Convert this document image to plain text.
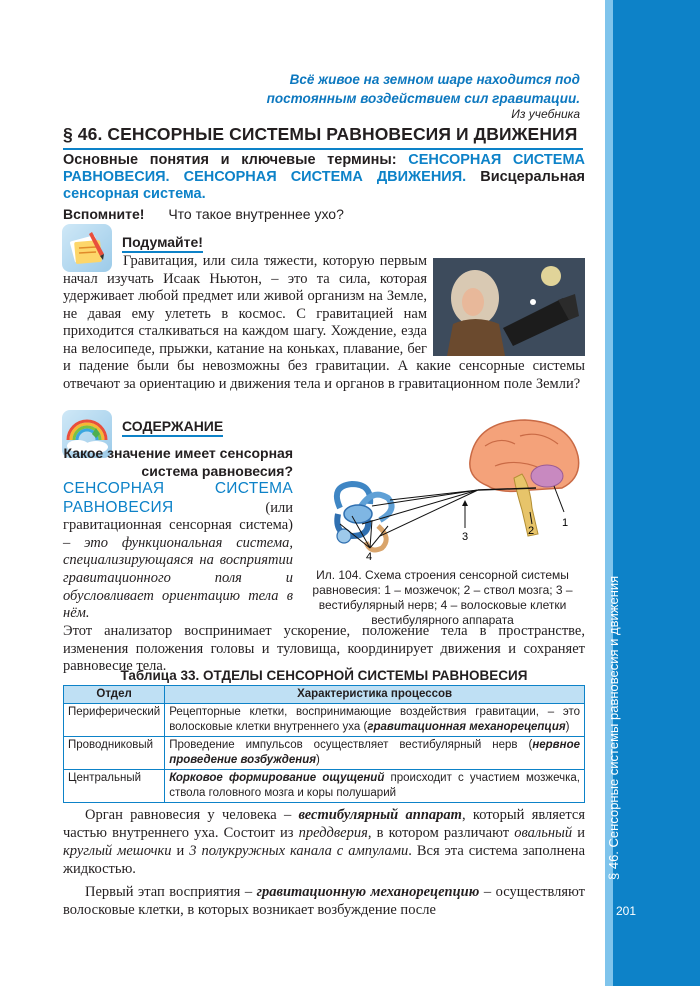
§ 46. Сенсорные системы равновесия и движения
201
Всё живое на земном шаре находится под
постоянным воздействием сил гравитации.
Из учебника
§ 46. СЕНСОРНЫЕ СИСТЕМЫ РАВНОВЕСИЯ И ДВИЖЕНИЯ
Основные понятия и ключевые термины: СЕНСОРНАЯ СИСТЕМА РАВНОВЕСИЯ. СЕНСОРНАЯ СИСТЕМА ДВИЖЕНИЯ. Висцеральная сенсорная система.
Вспомните! Что такое внутреннее ухо?
Подумайте!
Гравитация, или сила тяжести, которую первым начал изучать Исаак Ньютон, – это та сила, которая удерживает любой предмет или живой организм на Земле, не давая ему улететь в космос. С гравитацией нам приходится сталкиваться на каждом шагу. Хождение, езда на велосипеде, прыжки, катание на коньках, плавание, бег и падение были бы невозможны без гравитации. А какие сенсорные системы отвечают за ориентацию и движения тела и органов в гравитационном поле Земли?
СОДЕРЖАНИЕ
Какое значение имеет сенсорная система равновесия?
СЕНСОРНАЯ СИСТЕМА РАВНОВЕСИЯ	(или гравитационная сенсорная система) – это функциональная система, специализирующаяся на восприятии гравитационного поля и обусловливает ориентацию тела в нём.
Этот анализатор воспринимает ускорение, положение тела в пространстве, изменения положения головы и туловища, координирует движения и сохраняет равновесие тела.
1
2
3
4
Ил. 104. Схема строения сенсорной системы равновесия: 1 – мозжечок; 2 – ствол мозга; 3 – вестибулярный нерв; 4 – волосковые клетки вестибулярного аппарата
Таблица 33. ОТДЕЛЫ СЕНСОРНОЙ СИСТЕМЫ РАВНОВЕСИЯ
Отдел	Характеристика процессов
Периферический	Рецепторные клетки, воспринимающие воздействия гравитации, – это волосковые клетки внутреннего уха (гравитационная механорецепция)
Проводниковый	Проведение импульсов осуществляет вестибулярный нерв (нервное проведение возбуждения)
Центральный	Корковое формирование ощущений происходит с участием мозжечка, ствола головного мозга и коры полушарий

Орган равновесия у человека – вестибулярный аппарат, который является частью внутреннего уха. Состоит из преддверия, в котором различают овальный и круглый мешочки и 3 полукружных канала с ампулами. Вся эта система заполнена жидкостью.

Первый этап восприятия – гравитационную механорецепцию – осуществляют волосковые клетки, в которых возникает возбуждение после
